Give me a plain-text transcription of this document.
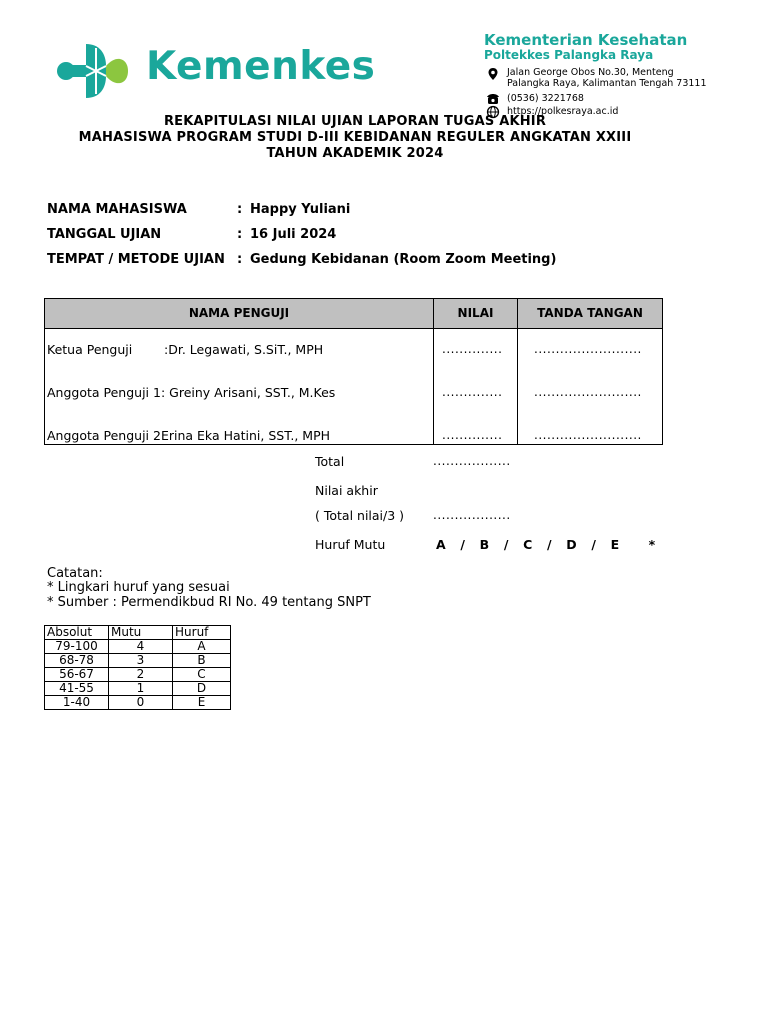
Kemenkes
Kementerian Kesehatan
Poltekkes Palangka Raya
Jalan George Obos No.30, Menteng
Palangka Raya, Kalimantan Tengah 73111
(0536) 3221768
https://polkesraya.ac.id
REKAPITULASI NILAI UJIAN LAPORAN TUGAS AKHIR
MAHASISWA PROGRAM STUDI D-III KEBIDANAN REGULER ANGKATAN XXIII
TAHUN AKADEMIK 2024
NAMA MAHASISWA	: Happy Yuliani
TANGGAL UJIAN	: 16 Juli 2024
TEMPAT / METODE UJIAN : Gedung Kebidanan (Room Zoom Meeting)
NAMA PENGUJI	NILAI	TANDA TANGAN
Ketua Penguji        :Dr. Legawati, S.SiT., MPH	..............	.........................
Anggota Penguji 1: Greiny Arisani, SST., M.Kes	..............	.........................
Anggota Penguji 2Erina Eka Hatini, SST., MPH	..............	.........................
Total	..................
Nilai akhir
( Total nilai/3 ) ..................
Huruf Mutu	A  /  B  /  C  /  D  /  E    *
Catatan:
* Lingkari huruf yang sesuai
* Sumber : Permendikbud RI No. 49 tentang SNPT
Absolut	Mutu	Huruf
79-100	4	A
68-78	3	B
56-67	2	C
41-55	1	D
1-40	0	E
